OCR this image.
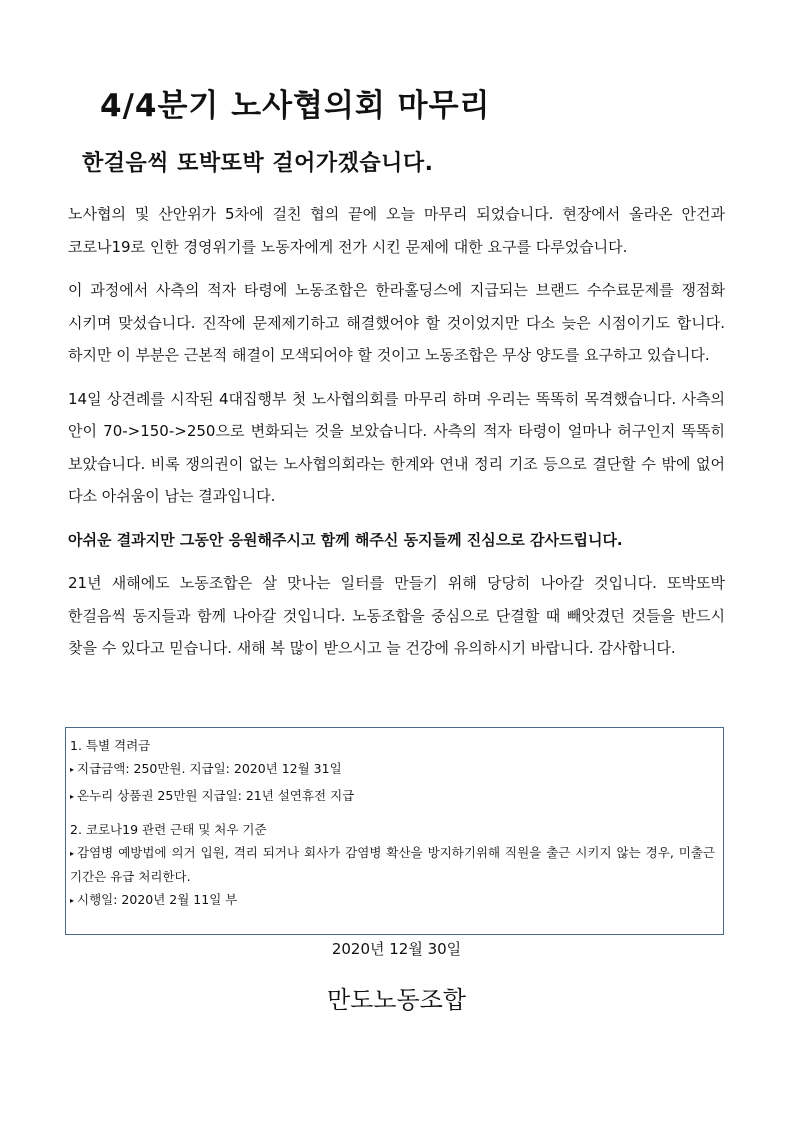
4/4분기 노사협의회 마무리
한걸음씩 또박또박 걸어가겠습니다.

노사협의 및 산안위가 5차에 걸친 협의 끝에 오늘 마무리 되었습니다. 현장에서 올라온 안건과 코로나19로 인한 경영위기를 노동자에게 전가 시킨 문제에 대한 요구를 다루었습니다.

이 과정에서 사측의 적자 타령에 노동조합은 한라홀딩스에 지급되는 브랜드 수수료문제를 쟁점화 시키며 맞섰습니다. 진작에 문제제기하고 해결했어야 할 것이었지만 다소 늦은 시점이기도 합니다. 하지만 이 부분은 근본적 해결이 모색되어야 할 것이고 노동조합은 무상 양도를 요구하고 있습니다.

14일 상견례를 시작된 4대집행부 첫 노사협의회를 마무리 하며 우리는 똑똑히 목격했습니다. 사측의 안이 70->150->250으로 변화되는 것을 보았습니다. 사측의 적자 타령이 얼마나 허구인지 똑똑히 보았습니다. 비록 쟁의권이 없는 노사협의회라는 한계와 연내 정리 기조 등으로 결단할 수 밖에 없어 다소 아쉬움이 남는 결과입니다.

아쉬운 결과지만 그동안 응원해주시고 함께 해주신 동지들께 진심으로 감사드립니다.

21년 새해에도 노동조합은 살 맛나는 일터를 만들기 위해 당당히 나아갈 것입니다. 또박또박 한걸음씩 동지들과 함께 나아갈 것입니다. 노동조합을 중심으로 단결할 때 빼앗겼던 것들을 반드시 찾을 수 있다고 믿습니다. 새해 복 많이 받으시고 늘 건강에 유의하시기 바랍니다. 감사합니다.

1. 특별 격려금

▸ 지급금액: 250만원. 지급일: 2020년 12월 31일

▸ 온누리 상품권 25만원 지급일: 21년 설연휴전 지급

2. 코로나19 관련 근태 및 처우 기준

▸ 감염병 예방법에 의거 입원, 격리 되거나 회사가 감염병 확산을 방지하기위해 직원을 출근 시키지 않는 경우, 미출근 기간은 유급 처리한다.

▸ 시행일: 2020년 2월 11일 부

2020년 12월 30일
만도노동조합
